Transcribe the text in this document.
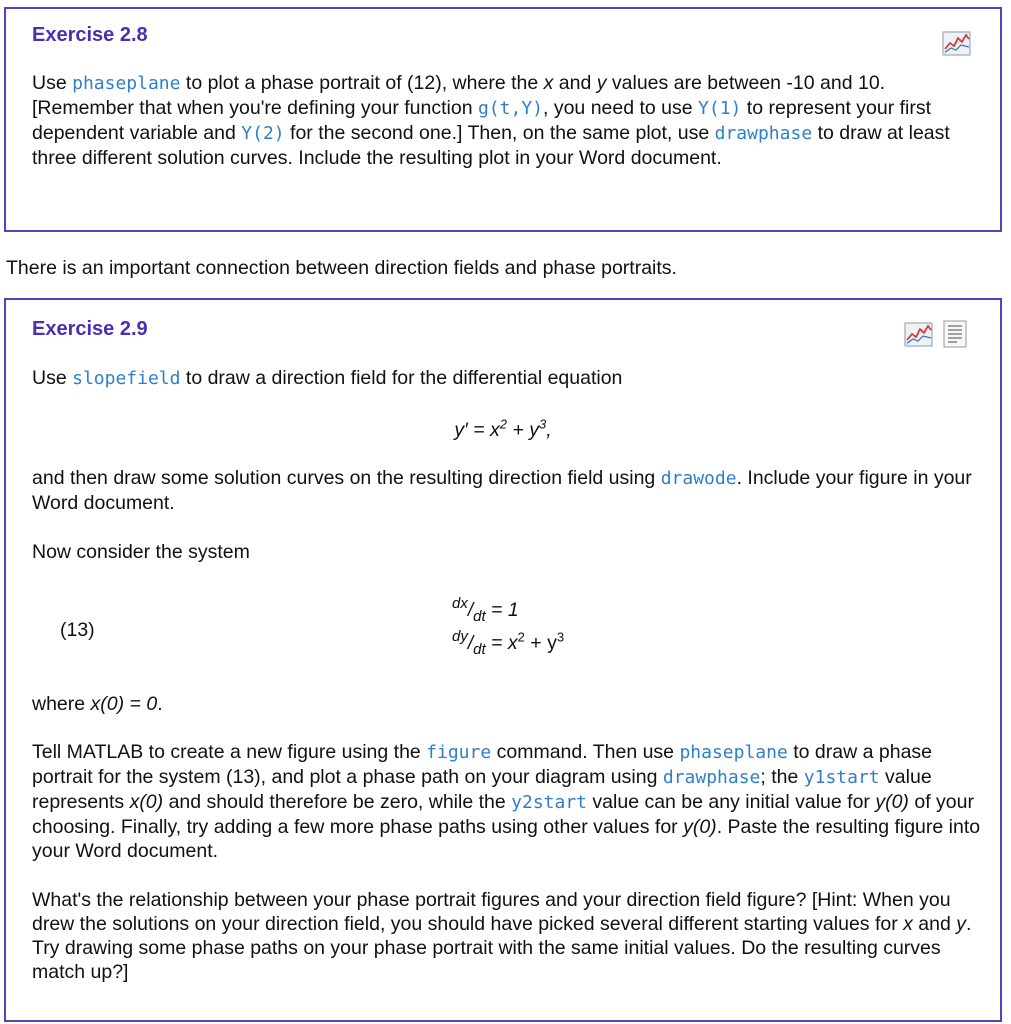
Exercise 2.8

Use phaseplane to plot a phase portrait of (12), where the x and y values are between -10 and 10. [Remember that when you're defining your function g(t,Y), you need to use Y(1) to represent your first dependent variable and Y(2) for the second one.] Then, on the same plot, use drawphase to draw at least three different solution curves. Include the resulting plot in your Word document.

There is an important connection between direction fields and phase portraits.

Exercise 2.9

Use slopefield to draw a direction field for the differential equation

$y' = x^2 + y^3$,

and then draw some solution curves on the resulting direction field using drawode. Include your figure in your Word document.

Now consider the system

(13)
$^{dx}/_{dt} = 1$
$^{dy}/_{dt} = x^2 + y^3$

where x(0) = 0.

Tell MATLAB to create a new figure using the figure command. Then use phaseplane to draw a phase portrait for the system (13), and plot a phase path on your diagram using drawphase; the y1start value represents x(0) and should therefore be zero, while the y2start value can be any initial value for y(0) of your choosing. Finally, try adding a few more phase paths using other values for y(0). Paste the resulting figure into your Word document.

What's the relationship between your phase portrait figures and your direction field figure? [Hint: When you drew the solutions on your direction field, you should have picked several different starting values for x and y. Try drawing some phase paths on your phase portrait with the same initial values. Do the resulting curves match up?]
